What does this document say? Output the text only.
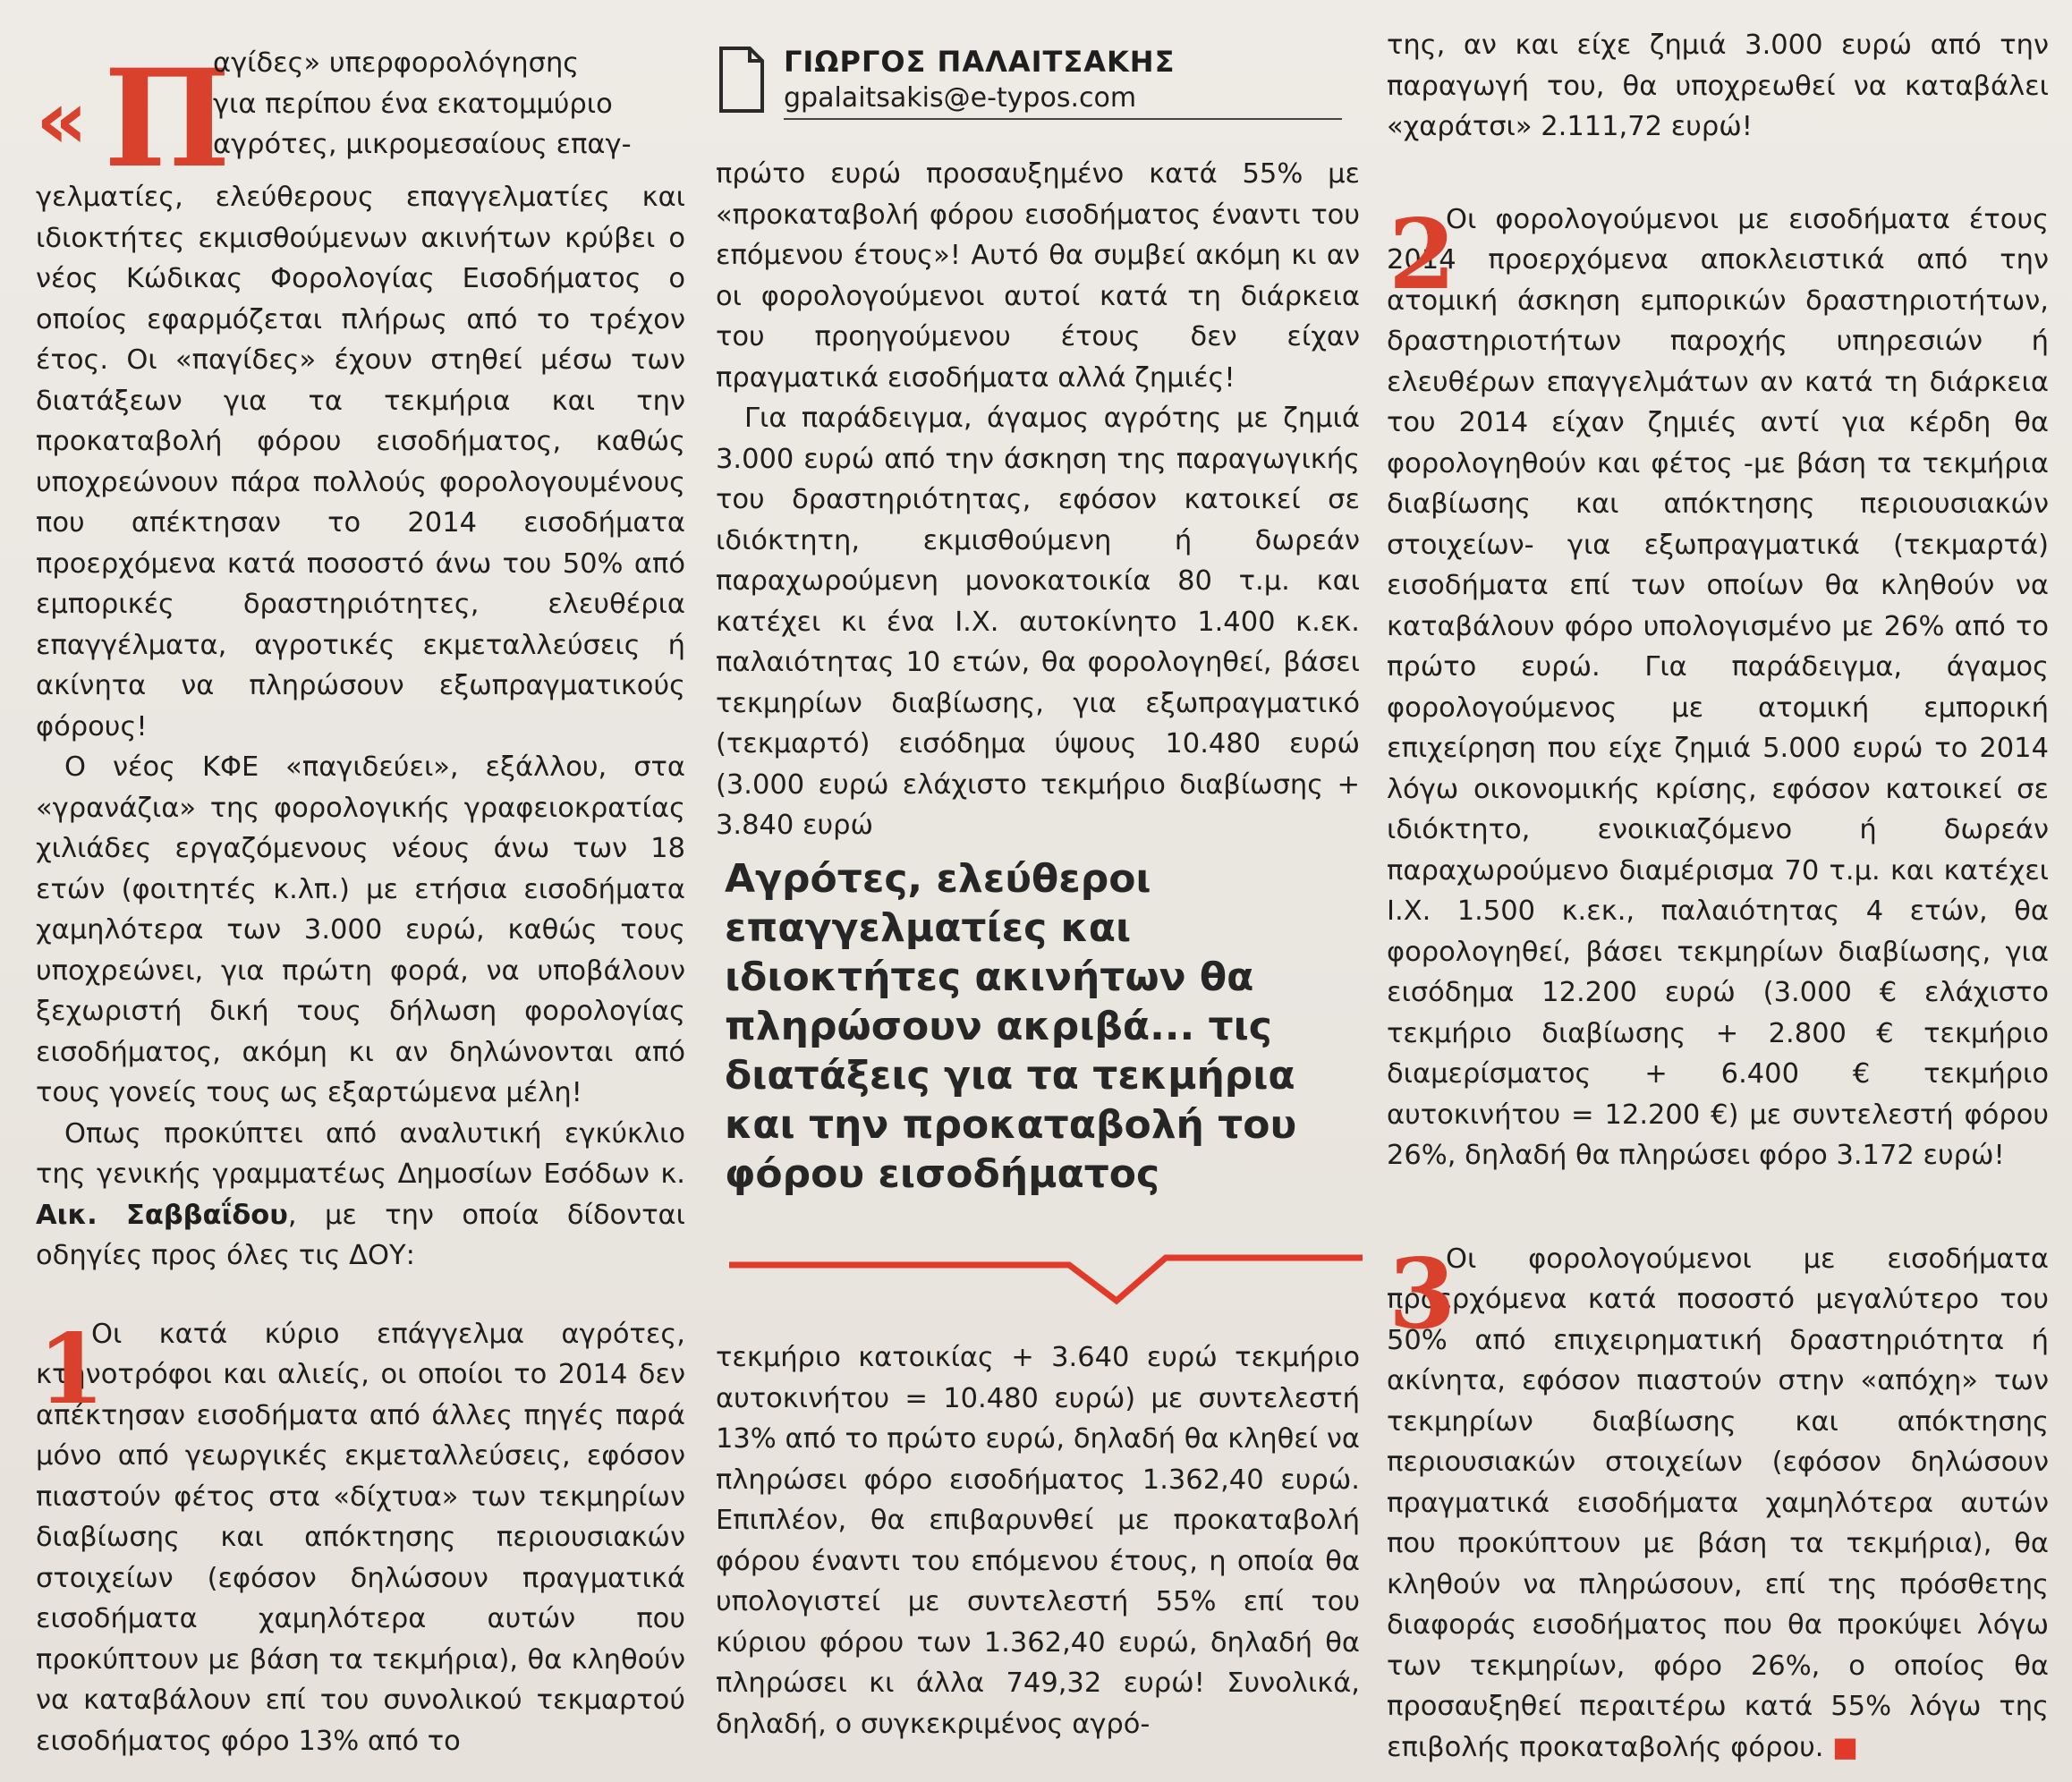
« Π

αγίδες» υπερφορολόγησης

για περίπου ένα εκατομμύριο

αγρότες, μικρομεσαίους επαγ-

γελματίες, ελεύθερους επαγγελματίες και ιδιοκτήτες εκμισθούμενων ακινήτων κρύβει ο νέος Κώδικας Φορολογίας Εισοδήματος ο οποίος εφαρμόζεται πλήρως από το τρέχον έτος. Οι «παγίδες» έχουν στηθεί μέσω των διατάξεων για τα τεκμήρια και την προκαταβολή φόρου εισοδήματος, καθώς υποχρεώνουν πάρα πολλούς φορολογουμένους που απέκτησαν το 2014 εισοδήματα προερχόμενα κατά ποσοστό άνω του 50% από εμπορικές δραστηριότητες, ελευθέρια επαγγέλματα, αγροτικές εκμεταλλεύσεις ή ακίνητα να πληρώσουν εξωπραγματικούς φόρους!

Ο νέος ΚΦΕ «παγιδεύει», εξάλλου, στα «γρανάζια» της φορολογικής γραφειοκρατίας χιλιάδες εργαζόμενους νέους άνω των 18 ετών (φοιτητές κ.λπ.) με ετήσια εισοδήματα χαμηλότερα των 3.000 ευρώ, καθώς τους υποχρεώνει, για πρώτη φορά, να υποβάλουν ξεχωριστή δική τους δήλωση φορολογίας εισοδήματος, ακόμη κι αν δηλώνονται από τους γονείς τους ως εξαρτώμενα μέλη!

Οπως προκύπτει από αναλυτική εγκύκλιο της γενικής γραμματέως Δημοσίων Εσόδων κ. Αικ. Σαββαΐδου, με την οποία δίδονται οδηγίες προς όλες τις ΔΟΥ:

1

Οι κατά κύριο επάγγελμα αγρότες, κτηνοτρόφοι και αλιείς, οι οποίοι το 2014 δεν απέκτησαν εισοδήματα από άλλες πηγές παρά μόνο από γεωργικές εκμεταλλεύσεις, εφόσον πιαστούν φέτος στα «δίχτυα» των τεκμηρίων διαβίωσης και απόκτησης περιουσιακών στοιχείων (εφόσον δηλώσουν πραγματικά εισοδήματα χαμηλότερα αυτών που προκύπτουν με βάση τα τεκμήρια), θα κληθούν να καταβάλουν επί του συνολικού τεκμαρτού εισοδήματος φόρο 13% από το

ΓΙΩΡΓΟΣ ΠΑΛΑΙΤΣΑΚΗΣ
gpalaitsakis@e-typos.com

πρώτο ευρώ προσαυξημένο κατά 55% με «προκαταβολή φόρου εισοδήματος έναντι του επόμενου έτους»! Αυτό θα συμβεί ακόμη κι αν οι φορολογούμενοι αυτοί κατά τη διάρκεια του προηγούμενου έτους δεν είχαν πραγματικά εισοδήματα αλλά ζημιές!

Για παράδειγμα, άγαμος αγρότης με ζημιά 3.000 ευρώ από την άσκηση της παραγωγικής του δραστηριότητας, εφόσον κατοικεί σε ιδιόκτητη, εκμισθούμενη ή δωρεάν παραχωρούμενη μονοκατοικία 80 τ.μ. και κατέχει κι ένα Ι.Χ. αυτοκίνητο 1.400 κ.εκ. παλαιότητας 10 ετών, θα φορολογηθεί, βάσει τεκμηρίων διαβίωσης, για εξωπραγματικό (τεκμαρτό) εισόδημα ύψους 10.480 ευρώ (3.000 ευρώ ελάχιστο τεκμήριο διαβίωσης + 3.840 ευρώ

Αγρότες, ελεύθεροι επαγγελματίες και ιδιοκτήτες ακινήτων θα πληρώσουν ακριβά... τις διατάξεις για τα τεκμήρια και την προκαταβολή του φόρου εισοδήματος

τεκμήριο κατοικίας + 3.640 ευρώ τεκμήριο αυτοκινήτου = 10.480 ευρώ) με συντελεστή 13% από το πρώτο ευρώ, δηλαδή θα κληθεί να πληρώσει φόρο εισοδήματος 1.362,40 ευρώ. Επιπλέον, θα επιβαρυνθεί με προκαταβολή φόρου έναντι του επόμενου έτους, η οποία θα υπολογιστεί με συντελεστή 55% επί του κύριου φόρου των 1.362,40 ευρώ, δηλαδή θα πληρώσει κι άλλα 749,32 ευρώ! Συνολικά, δηλαδή, ο συγκεκριμένος αγρό-

της, αν και είχε ζημιά 3.000 ευρώ από την παραγωγή του, θα υποχρεωθεί να καταβάλει «χαράτσι» 2.111,72 ευρώ!

2

Οι φορολογούμενοι με εισοδήματα έτους 2014 προερχόμενα αποκλειστικά από την ατομική άσκηση εμπορικών δραστηριοτήτων, δραστηριοτήτων παροχής υπηρεσιών ή ελευθέρων επαγγελμάτων αν κατά τη διάρκεια του 2014 είχαν ζημιές αντί για κέρδη θα φορολογηθούν και φέτος -με βάση τα τεκμήρια διαβίωσης και απόκτησης περιουσιακών στοιχείων- για εξωπραγματικά (τεκμαρτά) εισοδήματα επί των οποίων θα κληθούν να καταβάλουν φόρο υπολογισμένο με 26% από το πρώτο ευρώ. Για παράδειγμα, άγαμος φορολογούμενος με ατομική εμπορική επιχείρηση που είχε ζημιά 5.000 ευρώ το 2014 λόγω οικονομικής κρίσης, εφόσον κατοικεί σε ιδιόκτητο, ενοικιαζόμενο ή δωρεάν παραχωρούμενο διαμέρισμα 70 τ.μ. και κατέχει Ι.Χ. 1.500 κ.εκ., παλαιότητας 4 ετών, θα φορολογηθεί, βάσει τεκμηρίων διαβίωσης, για εισόδημα 12.200 ευρώ (3.000 € ελάχιστο τεκμήριο διαβίωσης + 2.800 € τεκμήριο διαμερίσματος + 6.400 € τεκμήριο αυτοκινήτου = 12.200 €) με συντελεστή φόρου 26%, δηλαδή θα πληρώσει φόρο 3.172 ευρώ!

3

Οι φορολογούμενοι με εισοδήματα προερχόμενα κατά ποσοστό μεγαλύτερο του 50% από επιχειρηματική δραστηριότητα ή ακίνητα, εφόσον πιαστούν στην «απόχη» των τεκμηρίων διαβίωσης και απόκτησης περιουσιακών στοιχείων (εφόσον δηλώσουν πραγματικά εισοδήματα χαμηλότερα αυτών που προκύπτουν με βάση τα τεκμήρια), θα κληθούν να πληρώσουν, επί της πρόσθετης διαφοράς εισοδήματος που θα προκύψει λόγω των τεκμηρίων, φόρο 26%, ο οποίος θα προσαυξηθεί περαιτέρω κατά 55% λόγω της επιβολής προκαταβολής φόρου. ■
